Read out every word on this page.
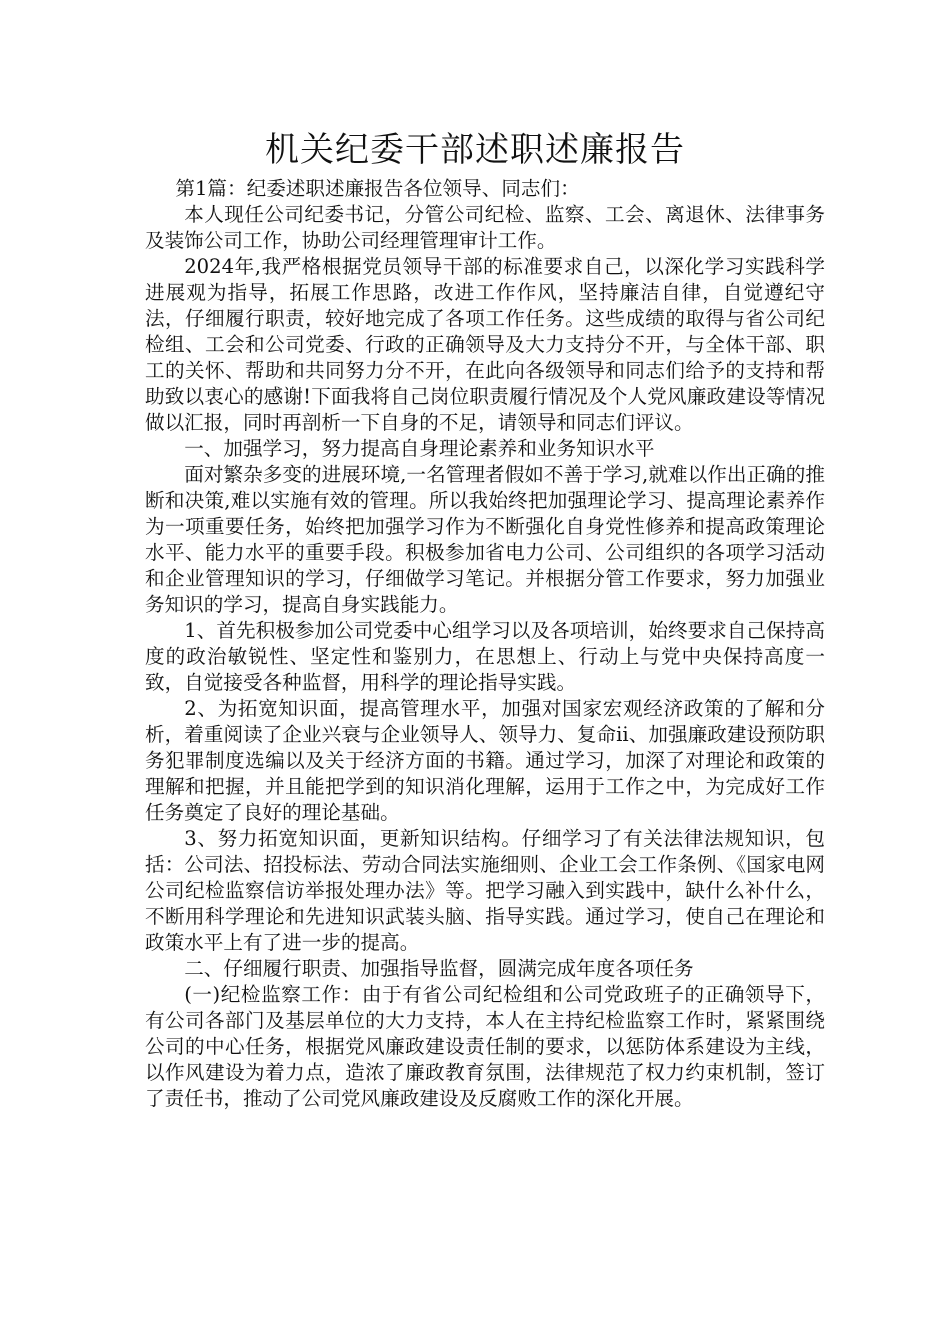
机关纪委干部述职述廉报告

第1篇：纪委述职述廉报告各位领导、同志们：

本人现任公司纪委书记，分管公司纪检、监察、工会、离退休、法律事务及装饰公司工作，协助公司经理管理审计工作。

2024年,我严格根据党员领导干部的标准要求自己，以深化学习实践科学进展观为指导，拓展工作思路，改进工作作风，坚持廉洁自律，自觉遵纪守法，仔细履行职责，较好地完成了各项工作任务。这些成绩的取得与省公司纪检组、工会和公司党委、行政的正确领导及大力支持分不开，与全体干部、职工的关怀、帮助和共同努力分不开，在此向各级领导和同志们给予的支持和帮助致以衷心的感谢!下面我将自己岗位职责履行情况及个人党风廉政建设等情况做以汇报，同时再剖析一下自身的不足，请领导和同志们评议。

一、加强学习，努力提高自身理论素养和业务知识水平

面对繁杂多变的进展环境,一名管理者假如不善于学习,就难以作出正确的推断和决策,难以实施有效的管理。所以我始终把加强理论学习、提高理论素养作为一项重要任务，始终把加强学习作为不断强化自身党性修养和提高政策理论水平、能力水平的重要手段。积极参加省电力公司、公司组织的各项学习活动和企业管理知识的学习，仔细做学习笔记。并根据分管工作要求，努力加强业务知识的学习，提高自身实践能力。

1、首先积极参加公司党委中心组学习以及各项培训，始终要求自己保持高度的政治敏锐性、坚定性和鉴别力，在思想上、行动上与党中央保持高度一致，自觉接受各种监督，用科学的理论指导实践。

2、为拓宽知识面，提高管理水平，加强对国家宏观经济政策的了解和分析，着重阅读了企业兴衰与企业领导人、领导力、复命ii、加强廉政建设预防职务犯罪制度选编以及关于经济方面的书籍。通过学习，加深了对理论和政策的理解和把握，并且能把学到的知识消化理解，运用于工作之中，为完成好工作任务奠定了良好的理论基础。

3、努力拓宽知识面，更新知识结构。仔细学习了有关法律法规知识，包括：公司法、招投标法、劳动合同法实施细则、企业工会工作条例、《国家电网公司纪检监察信访举报处理办法》等。把学习融入到实践中，缺什么补什么，不断用科学理论和先进知识武装头脑、指导实践。通过学习，使自己在理论和政策水平上有了进一步的提高。

二、仔细履行职责、加强指导监督，圆满完成年度各项任务

(一)纪检监察工作：由于有省公司纪检组和公司党政班子的正确领导下，有公司各部门及基层单位的大力支持，本人在主持纪检监察工作时，紧紧围绕公司的中心任务，根据党风廉政建设责任制的要求，以惩防体系建设为主线，以作风建设为着力点，造浓了廉政教育氛围，法律规范了权力约束机制，签订了责任书，推动了公司党风廉政建设及反腐败工作的深化开展。
